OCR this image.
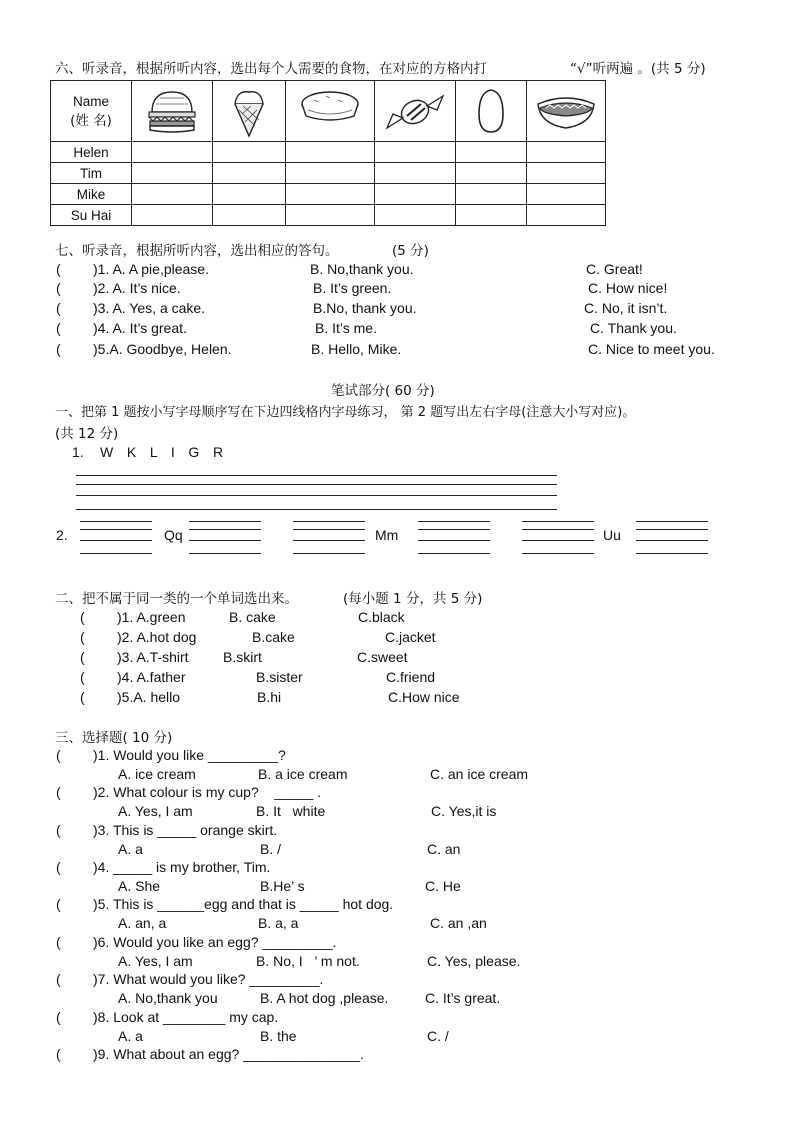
六、听录音，根据所听内容，选出每个人需要的食物，在对应的方格内打	“√”听两遍 。(共 5 分)
Name
(姓 名)

Helen						
Tim						
Mike						
Su Hai						
七、听录音，根据所听内容，选出相应的答句。	(5 分)
( )1. A. A pie,please.	B. No,thank you.	C. Great!
( )2. A. It’s nice.	B. It’s green.	C. How nice!
( )3. A. Yes, a cake.	B.No, thank you.	C. No, it isn’t.
( )4. A. It’s great.	B. It’s me.	C. Thank you.
( )5.A. Goodbye, Helen.	B. Hello, Mike.	C. Nice to meet you.
笔试部分( 60 分)
一、把第 1 题按小写字母顺序写在下边四线格内字母练习， 第 2 题写出左右字母(注意大小写对应)。
(共 12 分)
1. W   K   L   I   G   R
2.	Qq	Mm	Uu
二、把不属于同一类的一个单词选出来。	(每小题 1 分，共 5 分)
( )1. A.green	B. cake	C.black
( )2. A.hot dog	B.cake	C.jacket
( )3. A.T-shirt B.skirt	C.sweet
( )4. A.father	B.sister	C.friend
( )5.A. hello	B.hi	C.How nice
三、选择题( 10 分)
( )1. Would you like _________?
A. ice cream	B. a ice cream	C. an ice cream
( )2. What colour is my cup?    _____ .
A. Yes, I am	B. It   white	C. Yes,it is
( )3. This is _____ orange skirt.
A. a	B. /	C. an
( )4. _____ is my brother, Tim.
A. She	B.He’ s	C. He
( )5. This is ______egg and that is _____ hot dog.
A. an, a	B. a, a	C. an ,an
( )6. Would you like an egg? _________.
A. Yes, I am	B. No, I   ’ m not.	C. Yes, please.
( )7. What would you like? _________.
A. No,thank you	B. A hot dog ,please.	C. It’s great.
( )8. Look at ________ my cap.
A. a	B. the	C. /
( )9. What about an egg? _______________.
